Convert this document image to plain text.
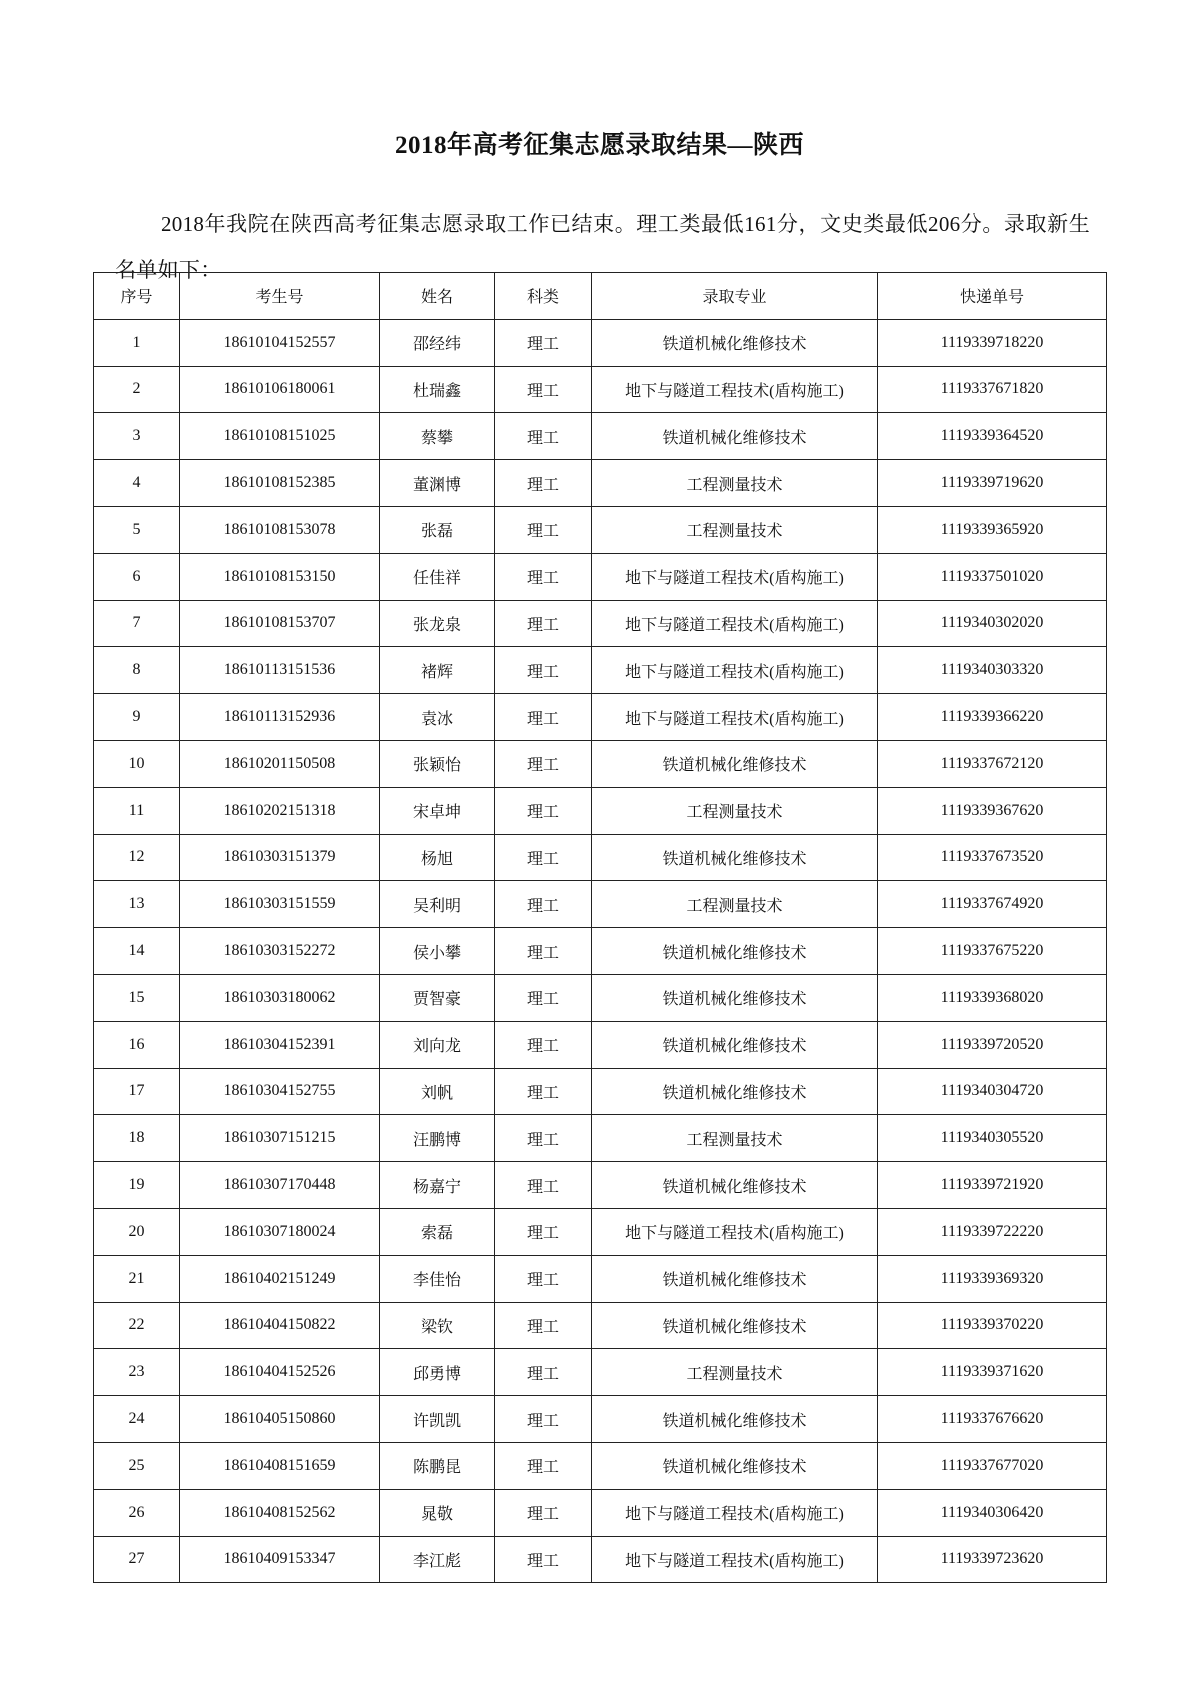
2018年高考征集志愿录取结果—陕西

2018年我院在陕西高考征集志愿录取工作已结束。理工类最低161分，文史类最低206分。录取新生名单如下：

序号	考生号	姓名	科类	录取专业	快递单号
1	18610104152557	邵经纬	理工	铁道机械化维修技术	1119339718220
2	18610106180061	杜瑞鑫	理工	地下与隧道工程技术(盾构施工)	1119337671820
3	18610108151025	蔡攀	理工	铁道机械化维修技术	1119339364520
4	18610108152385	董渊博	理工	工程测量技术	1119339719620
5	18610108153078	张磊	理工	工程测量技术	1119339365920
6	18610108153150	任佳祥	理工	地下与隧道工程技术(盾构施工)	1119337501020
7	18610108153707	张龙泉	理工	地下与隧道工程技术(盾构施工)	1119340302020
8	18610113151536	褚辉	理工	地下与隧道工程技术(盾构施工)	1119340303320
9	18610113152936	袁冰	理工	地下与隧道工程技术(盾构施工)	1119339366220
10	18610201150508	张颖怡	理工	铁道机械化维修技术	1119337672120
11	18610202151318	宋卓坤	理工	工程测量技术	1119339367620
12	18610303151379	杨旭	理工	铁道机械化维修技术	1119337673520
13	18610303151559	吴利明	理工	工程测量技术	1119337674920
14	18610303152272	侯小攀	理工	铁道机械化维修技术	1119337675220
15	18610303180062	贾智豪	理工	铁道机械化维修技术	1119339368020
16	18610304152391	刘向龙	理工	铁道机械化维修技术	1119339720520
17	18610304152755	刘帆	理工	铁道机械化维修技术	1119340304720
18	18610307151215	汪鹏博	理工	工程测量技术	1119340305520
19	18610307170448	杨嘉宁	理工	铁道机械化维修技术	1119339721920
20	18610307180024	索磊	理工	地下与隧道工程技术(盾构施工)	1119339722220
21	18610402151249	李佳怡	理工	铁道机械化维修技术	1119339369320
22	18610404150822	梁钦	理工	铁道机械化维修技术	1119339370220
23	18610404152526	邱勇博	理工	工程测量技术	1119339371620
24	18610405150860	许凯凯	理工	铁道机械化维修技术	1119337676620
25	18610408151659	陈鹏昆	理工	铁道机械化维修技术	1119337677020
26	18610408152562	晁敬	理工	地下与隧道工程技术(盾构施工)	1119340306420
27	18610409153347	李江彪	理工	地下与隧道工程技术(盾构施工)	1119339723620
